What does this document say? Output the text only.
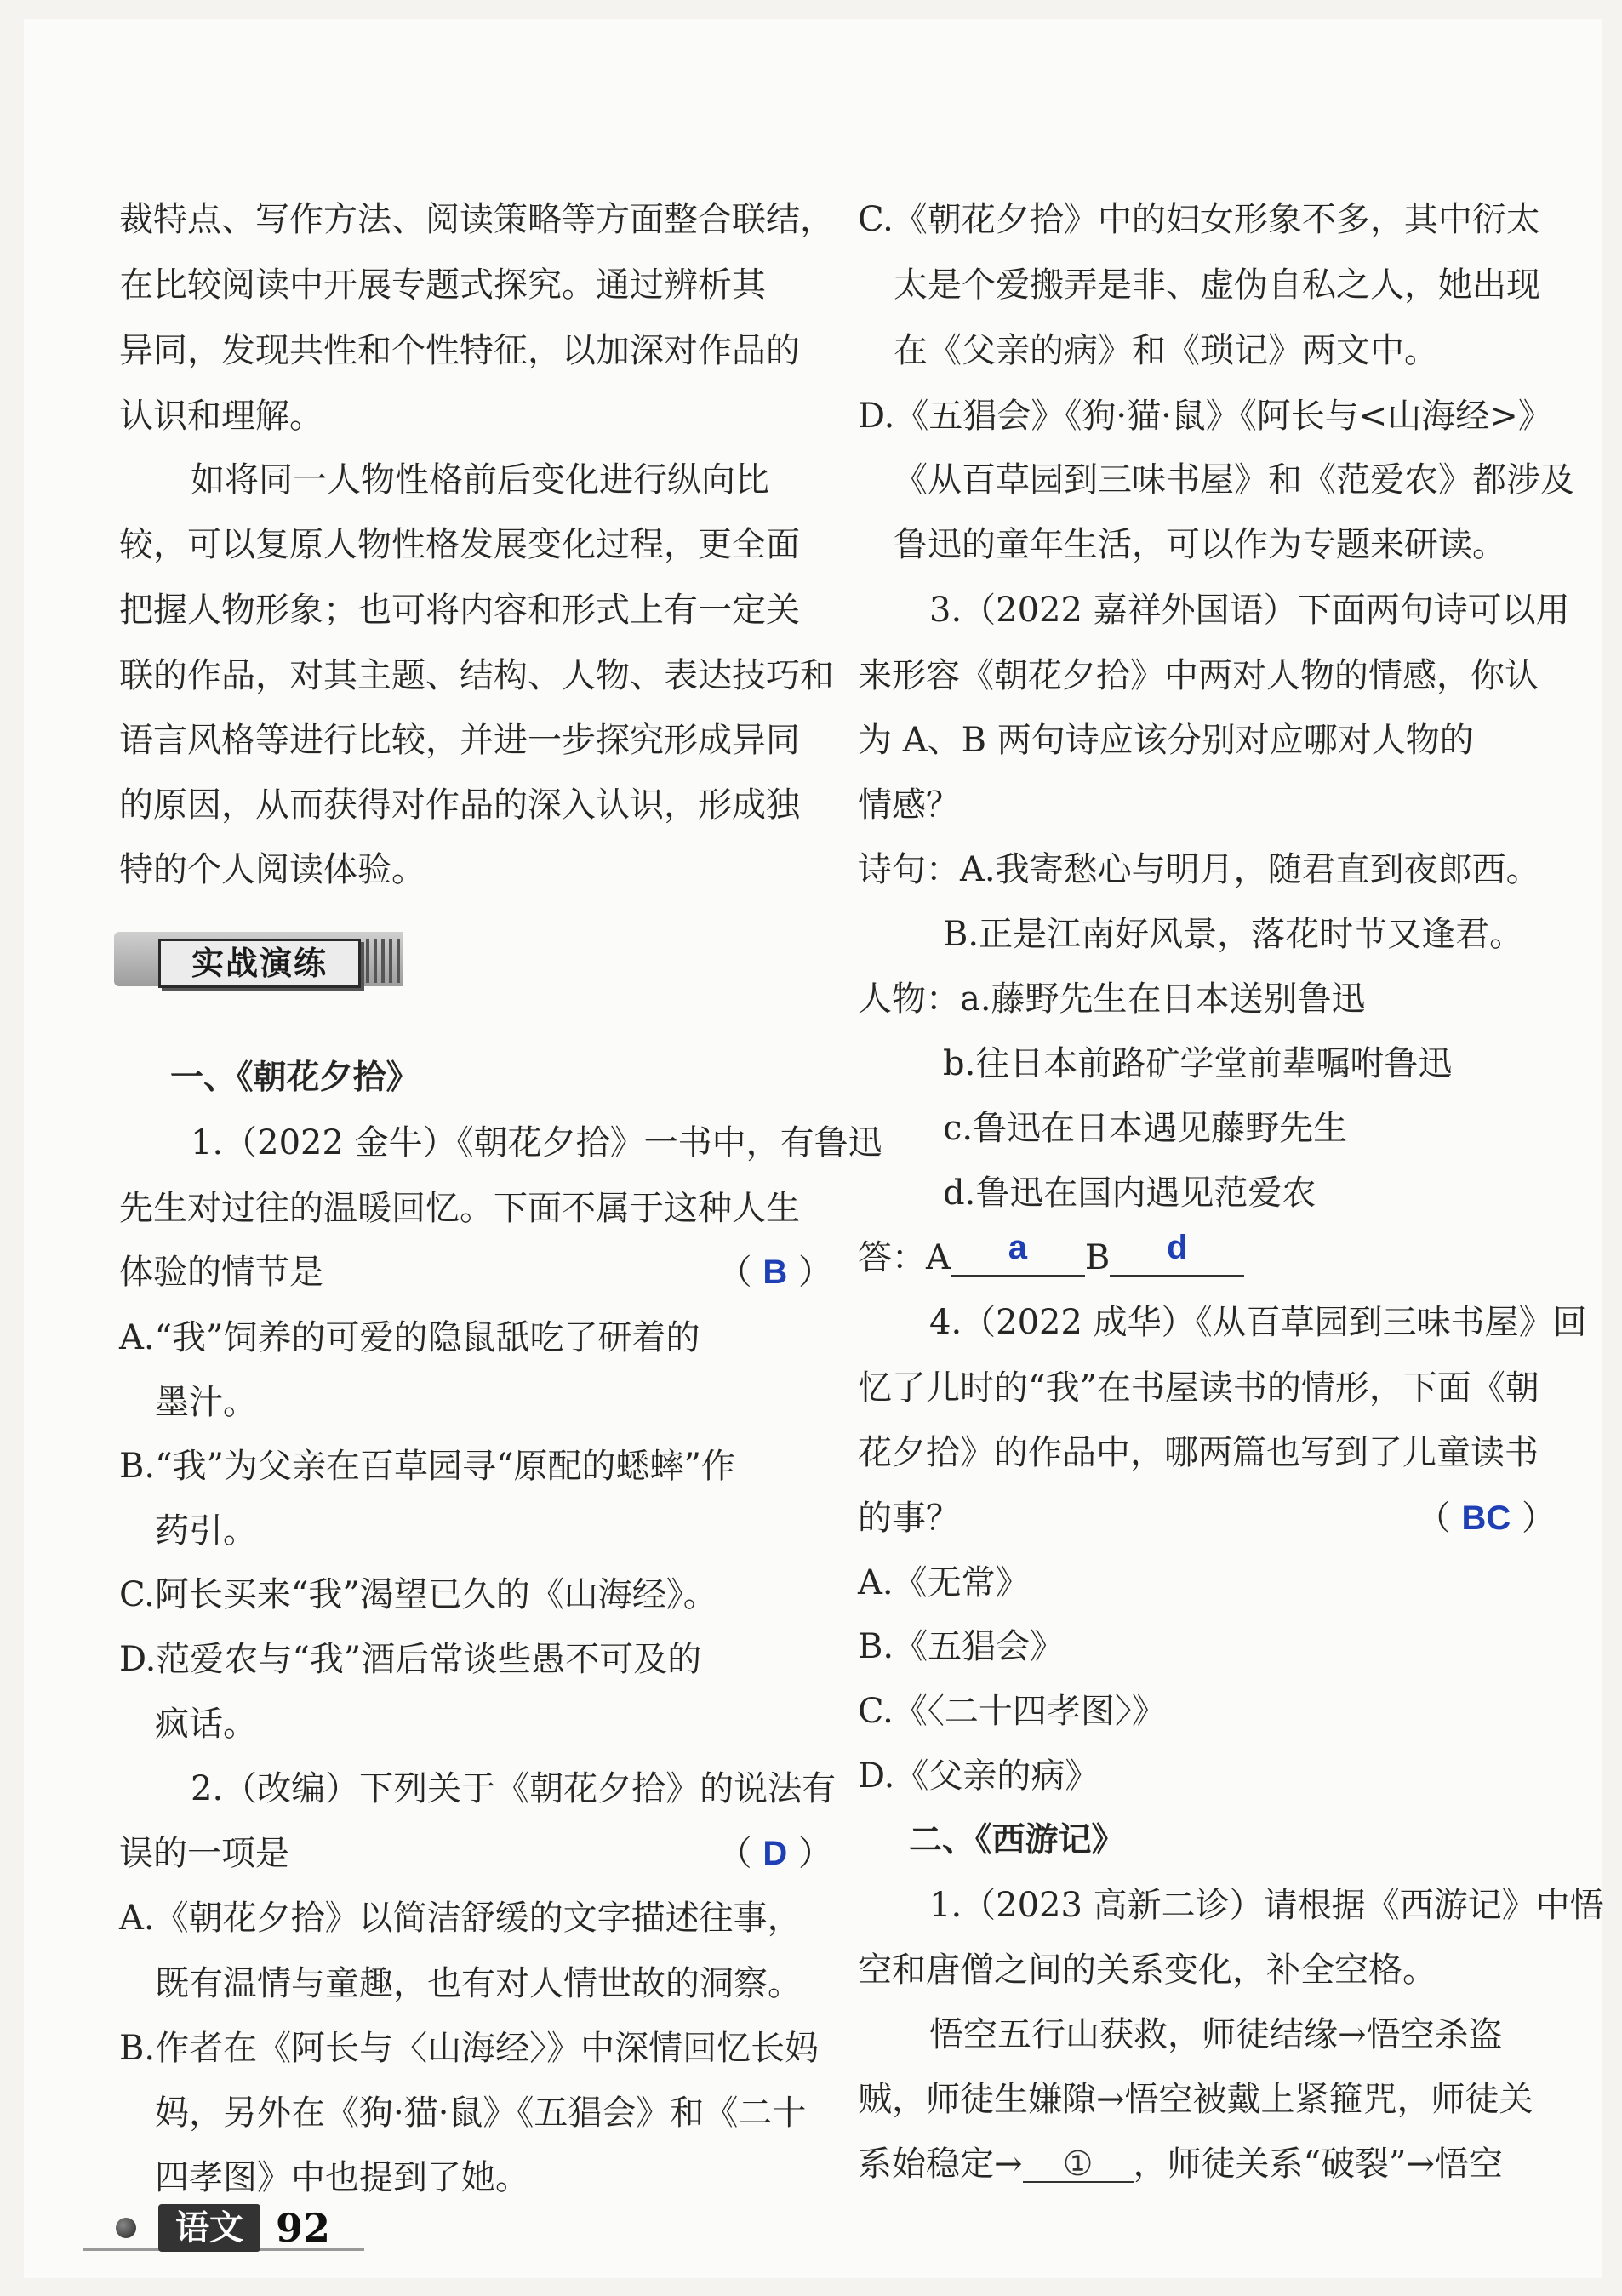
裁特点、写作方法、阅读策略等方面整合联结，
在比较阅读中开展专题式探究。通过辨析其
异同，发现共性和个性特征，以加深对作品的
认识和理解。
如将同一人物性格前后变化进行纵向比
较，可以复原人物性格发展变化过程，更全面
把握人物形象；也可将内容和形式上有一定关
联的作品，对其主题、结构、人物、表达技巧和
语言风格等进行比较，并进一步探究形成异同
的原因，从而获得对作品的深入认识，形成独
特的个人阅读体验。
一、《朝花夕拾》
1.（2022 金牛）《朝花夕拾》一书中，有鲁迅
先生对过往的温暖回忆。下面不属于这种人生
体验的情节是	（ B ）
A.“我”饲养的可爱的隐鼠舐吃了研着的
墨汁。
B.“我”为父亲在百草园寻“原配的蟋蟀”作
药引。
C.阿长买来“我”渴望已久的《山海经》。
D.范爱农与“我”酒后常谈些愚不可及的
疯话。
2.（改编）下列关于《朝花夕拾》的说法有
误的一项是	（ D ）
A.《朝花夕拾》以简洁舒缓的文字描述往事，
既有温情与童趣，也有对人情世故的洞察。
B.作者在《阿长与〈山海经〉》中深情回忆长妈
妈，另外在《狗·猫·鼠》《五猖会》和《二十
四孝图》中也提到了她。
实战演练
C.《朝花夕拾》中的妇女形象不多，其中衍太
太是个爱搬弄是非、虚伪自私之人，她出现
在《父亲的病》和《琐记》两文中。
D.《五猖会》《狗·猫·鼠》《阿长与<山海经>》
《从百草园到三味书屋》和《范爱农》都涉及
鲁迅的童年生活，可以作为专题来研读。
3.（2022 嘉祥外国语）下面两句诗可以用
来形容《朝花夕拾》中两对人物的情感，你认
为 A、B 两句诗应该分别对应哪对人物的
情感？
诗句：A.我寄愁心与明月，随君直到夜郎西。
B.正是江南好风景，落花时节又逢君。
人物：a.藤野先生在日本送别鲁迅
b.往日本前路矿学堂前辈嘱咐鲁迅
c.鲁迅在日本遇见藤野先生
d.鲁迅在国内遇见范爱农
答：A a B d
4.（2022 成华）《从百草园到三味书屋》回
忆了儿时的“我”在书屋读书的情形，下面《朝
花夕拾》的作品中，哪两篇也写到了儿童读书
的事？	（ BC ）
A.《无常》
B.《五猖会》
C.《〈二十四孝图〉》
D.《父亲的病》
二、《西游记》
1.（2023 高新二诊）请根据《西游记》中悟
空和唐僧之间的关系变化，补全空格。
悟空五行山获救，师徒结缘→悟空杀盗
贼，师徒生嫌隙→悟空被戴上紧箍咒，师徒关
系始稳定→ ① ，师徒关系“破裂”→悟空
语文 92
